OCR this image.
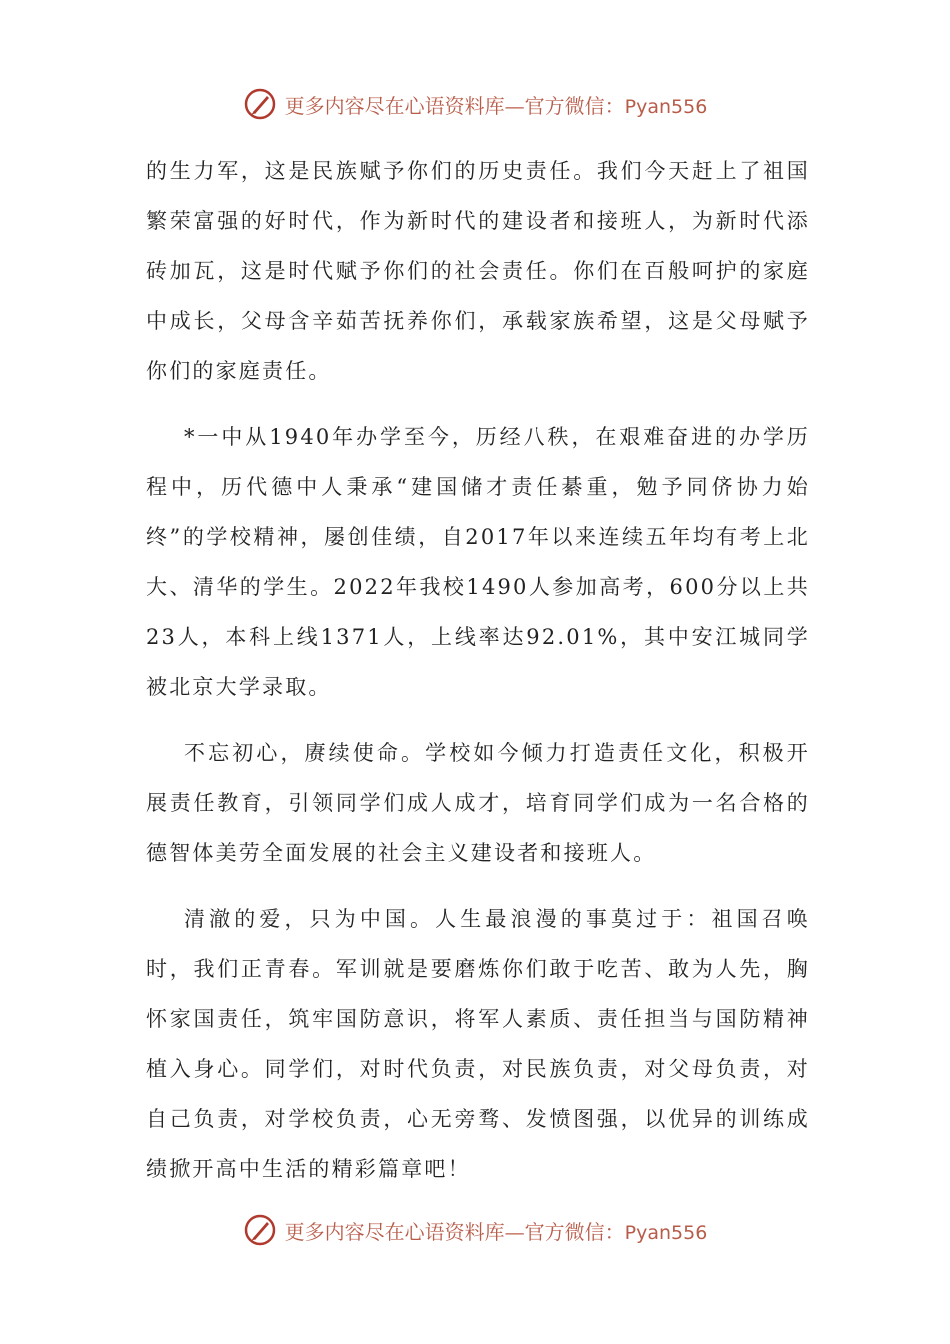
更多内容尽在心语资料库—官方微信：Pyan556

的生力军，这是民族赋予你们的历史责任。我们今天赶上了祖国繁荣富强的好时代，作为新时代的建设者和接班人，为新时代添砖加瓦，这是时代赋予你们的社会责任。你们在百般呵护的家庭中成长，父母含辛茹苦抚养你们，承载家族希望，这是父母赋予你们的家庭责任。

*一中从1940年办学至今，历经八秩，在艰难奋进的办学历程中，历代德中人秉承“建国储才责任綦重，勉予同侪协力始终”的学校精神，屡创佳绩，自2017年以来连续五年均有考上北大、清华的学生。2022年我校1490人参加高考，600分以上共23人，本科上线1371人，上线率达92.01%，其中安江城同学被北京大学录取。

不忘初心，赓续使命。学校如今倾力打造责任文化，积极开展责任教育，引领同学们成人成才，培育同学们成为一名合格的德智体美劳全面发展的社会主义建设者和接班人。

清澈的爱，只为中国。人生最浪漫的事莫过于：祖国召唤时，我们正青春。军训就是要磨炼你们敢于吃苦、敢为人先，胸怀家国责任，筑牢国防意识，将军人素质、责任担当与国防精神植入身心。同学们，对时代负责，对民族负责，对父母负责，对自己负责，对学校负责，心无旁骛、发愤图强，以优异的训练成绩掀开高中生活的精彩篇章吧！

更多内容尽在心语资料库—官方微信：Pyan556
